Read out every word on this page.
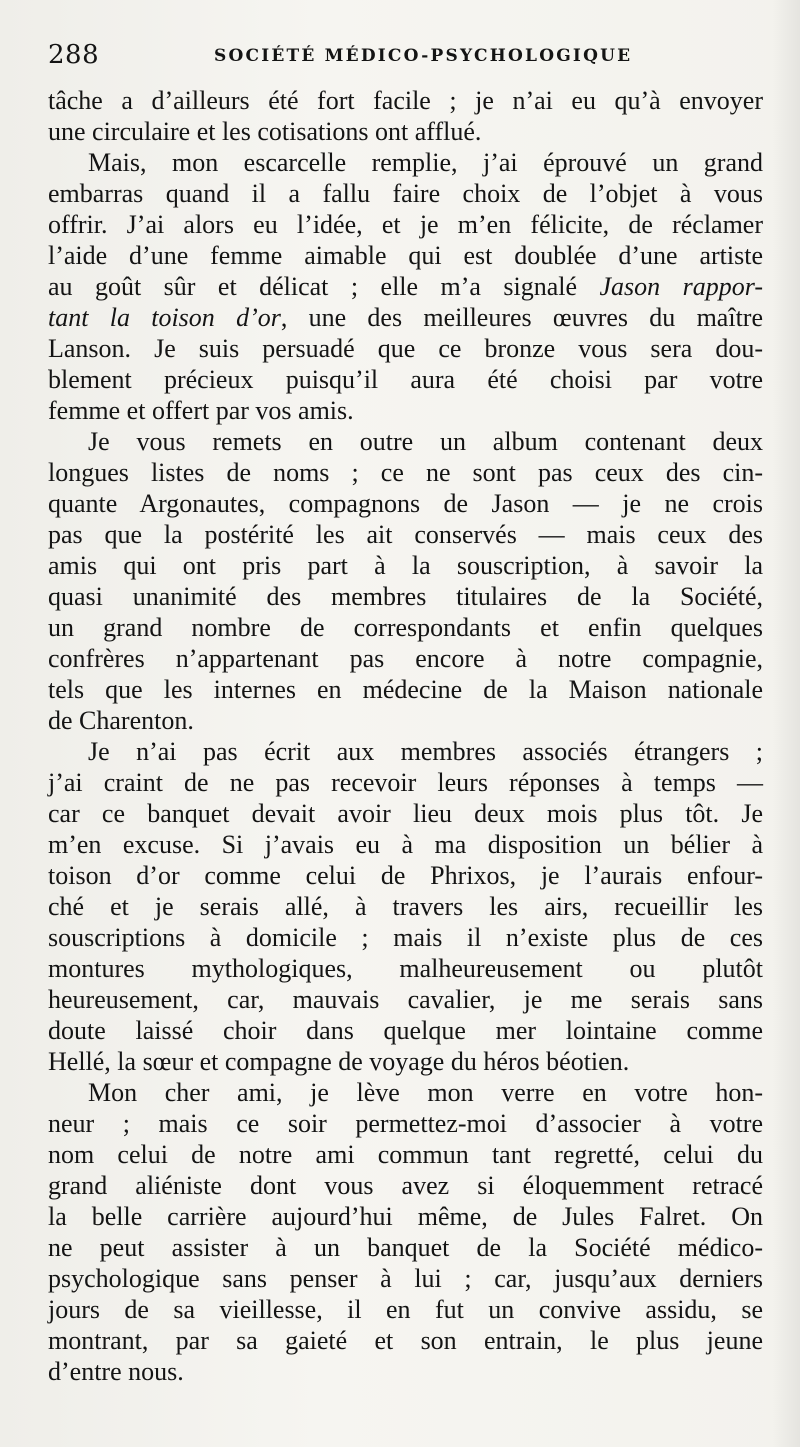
288	SOCIÉTÉ MÉDICO-PSYCHOLOGIQUE
tâche a d’ailleurs été fort facile ; je n’ai eu qu’à envoyer
une circulaire et les cotisations ont afflué.
Mais, mon escarcelle remplie, j’ai éprouvé un grand
embarras quand il a fallu faire choix de l’objet à vous
offrir. J’ai alors eu l’idée, et je m’en félicite, de réclamer
l’aide d’une femme aimable qui est doublée d’une artiste
au goût sûr et délicat ; elle m’a signalé Jason rappor-
tant la toison d’or, une des meilleures œuvres du maître
Lanson. Je suis persuadé que ce bronze vous sera dou-
blement précieux puisqu’il aura été choisi par votre
femme et offert par vos amis.
Je vous remets en outre un album contenant deux
longues listes de noms ; ce ne sont pas ceux des cin-
quante Argonautes, compagnons de Jason — je ne crois
pas que la postérité les ait conservés — mais ceux des
amis qui ont pris part à la souscription, à savoir la
quasi unanimité des membres titulaires de la Société,
un grand nombre de correspondants et enfin quelques
confrères n’appartenant pas encore à notre compagnie,
tels que les internes en médecine de la Maison nationale
de Charenton.
Je n’ai pas écrit aux membres associés étrangers ;
j’ai craint de ne pas recevoir leurs réponses à temps —
car ce banquet devait avoir lieu deux mois plus tôt. Je
m’en excuse. Si j’avais eu à ma disposition un bélier à
toison d’or comme celui de Phrixos, je l’aurais enfour-
ché et je serais allé, à travers les airs, recueillir les
souscriptions à domicile ; mais il n’existe plus de ces
montures mythologiques, malheureusement ou plutôt
heureusement, car, mauvais cavalier, je me serais sans
doute laissé choir dans quelque mer lointaine comme
Hellé, la sœur et compagne de voyage du héros béotien.
Mon cher ami, je lève mon verre en votre hon-
neur ; mais ce soir permettez-moi d’associer à votre
nom celui de notre ami commun tant regretté, celui du
grand aliéniste dont vous avez si éloquemment retracé
la belle carrière aujourd’hui même, de Jules Falret. On
ne peut assister à un banquet de la Société médico-
psychologique sans penser à lui ; car, jusqu’aux derniers
jours de sa vieillesse, il en fut un convive assidu, se
montrant, par sa gaieté et son entrain, le plus jeune
d’entre nous.
